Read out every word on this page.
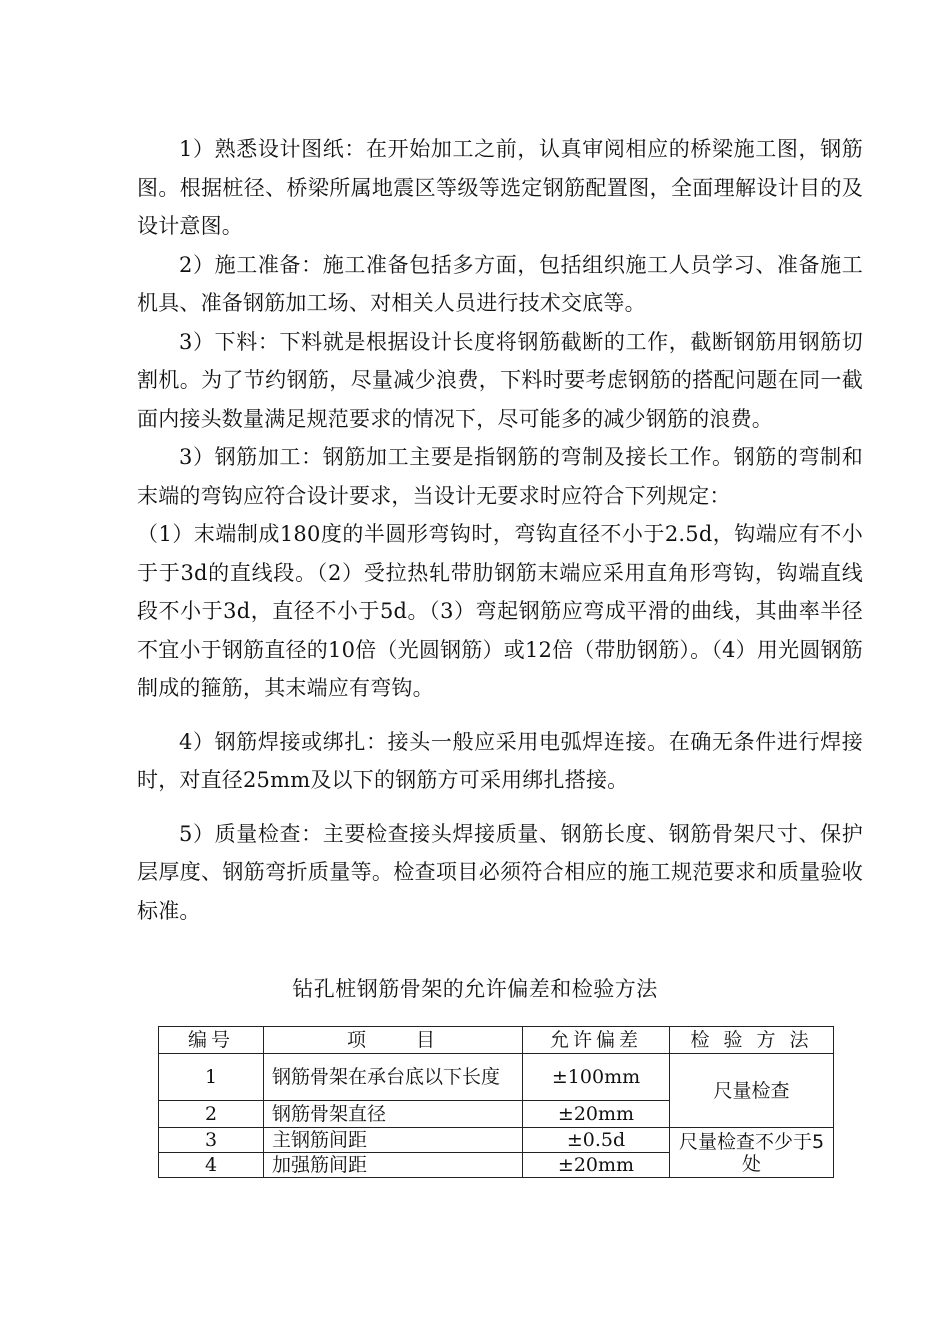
1）熟悉设计图纸：在开始加工之前，认真审阅相应的桥梁施工图，钢筋图。根据桩径、桥梁所属地震区等级等选定钢筋配置图，全面理解设计目的及设计意图。

2）施工准备：施工准备包括多方面，包括组织施工人员学习、准备施工机具、准备钢筋加工场、对相关人员进行技术交底等。

3）下料：下料就是根据设计长度将钢筋截断的工作，截断钢筋用钢筋切割机。为了节约钢筋，尽量减少浪费，下料时要考虑钢筋的搭配问题在同一截面内接头数量满足规范要求的情况下，尽可能多的减少钢筋的浪费。

3）钢筋加工：钢筋加工主要是指钢筋的弯制及接长工作。钢筋的弯制和末端的弯钩应符合设计要求，当设计无要求时应符合下列规定：

（1）末端制成180度的半圆形弯钩时，弯钩直径不小于2.5d，钩端应有不小于于3d的直线段。（2）受拉热轧带肋钢筋末端应采用直角形弯钩，钩端直线段不小于3d，直径不小于5d。（3）弯起钢筋应弯成平滑的曲线，其曲率半径不宜小于钢筋直径的10倍（光圆钢筋）或12倍（带肋钢筋）。（4）用光圆钢筋制成的箍筋，其末端应有弯钩。

4）钢筋焊接或绑扎：接头一般应采用电弧焊连接。在确无条件进行焊接时，对直径25mm及以下的钢筋方可采用绑扎搭接。

5）质量检查：主要检查接头焊接质量、钢筋长度、钢筋骨架尺寸、保护层厚度、钢筋弯折质量等。检查项目必须符合相应的施工规范要求和质量验收标准。

钻孔桩钢筋骨架的允许偏差和检验方法
编号	项　　目	允许偏差	检 验 方 法
1	钢筋骨架在承台底以下长度	±100mm	尺量检查
2	钢筋骨架直径	±20mm	
3	主钢筋间距	±0.5d	尺量检查不少于5处
4	加强筋间距	±20mm	
